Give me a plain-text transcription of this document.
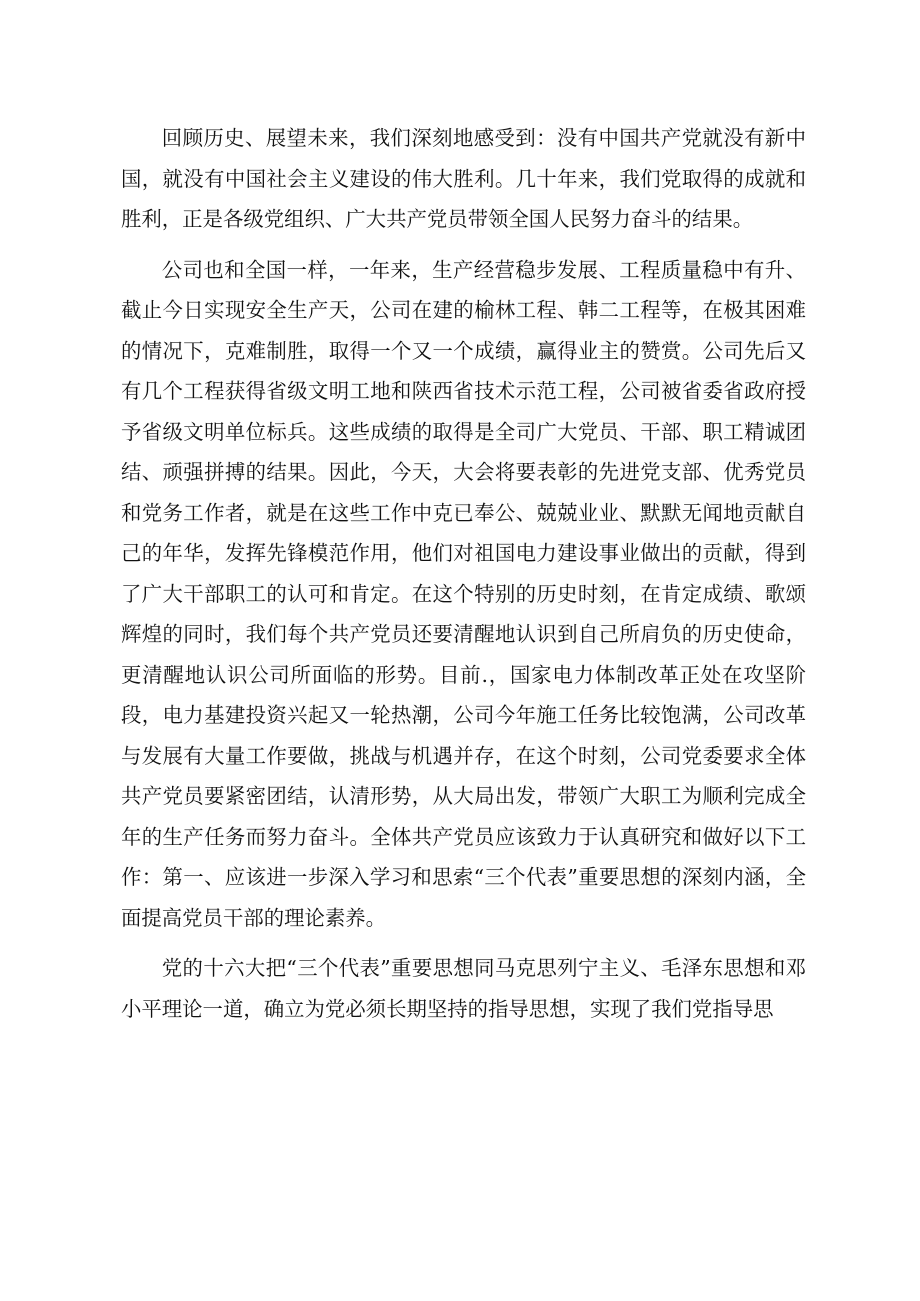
回顾历史、展望未来，我们深刻地感受到：没有中国共产党就没有新中国，就没有中国社会主义建设的伟大胜利。几十年来，我们党取得的成就和胜利，正是各级党组织、广大共产党员带领全国人民努力奋斗的结果。

公司也和全国一样，一年来，生产经营稳步发展、工程质量稳中有升、截止今日实现安全生产天，公司在建的榆林工程、韩二工程等，在极其困难的情况下，克难制胜，取得一个又一个成绩，赢得业主的赞赏。公司先后又有几个工程获得省级文明工地和陕西省技术示范工程，公司被省委省政府授予省级文明单位标兵。这些成绩的取得是全司广大党员、干部、职工精诚团结、顽强拼搏的结果。因此，今天，大会将要表彰的先进党支部、优秀党员和党务工作者，就是在这些工作中克已奉公、兢兢业业、默默无闻地贡献自己的年华，发挥先锋模范作用，他们对祖国电力建设事业做出的贡献，得到了广大干部职工的认可和肯定。在这个特别的历史时刻，在肯定成绩、歌颂辉煌的同时，我们每个共产党员还要清醒地认识到自己所肩负的历史使命，更清醒地认识公司所面临的形势。目前.，国家电力体制改革正处在攻坚阶段，电力基建投资兴起又一轮热潮，公司今年施工任务比较饱满，公司改革与发展有大量工作要做，挑战与机遇并存，在这个时刻，公司党委要求全体共产党员要紧密团结，认清形势，从大局出发，带领广大职工为顺利完成全年的生产任务而努力奋斗。全体共产党员应该致力于认真研究和做好以下工作：第一、应该进一步深入学习和思索“三个代表”重要思想的深刻内涵，全面提高党员干部的理论素养。

党的十六大把“三个代表”重要思想同马克思列宁主义、毛泽东思想和邓小平理论一道，确立为党必须长期坚持的指导思想，实现了我们党指导思
